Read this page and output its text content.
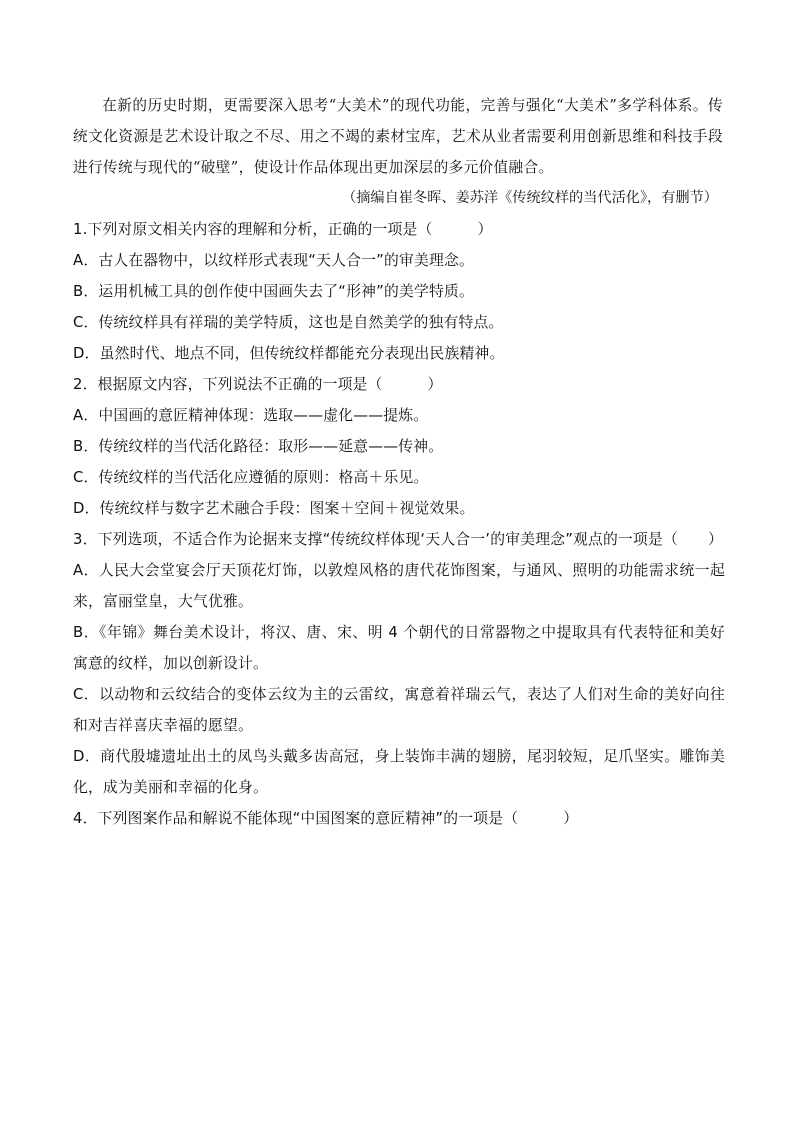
在新的历史时期，更需要深入思考“大美术”的现代功能，完善与强化“大美术”多学科体系。传统文化资源是艺术设计取之不尽、用之不竭的素材宝库，艺术从业者需要利用创新思维和科技手段进行传统与现代的“破壁”，使设计作品体现出更加深层的多元价值融合。

（摘编自崔冬晖、姜苏洋《传统纹样的当代活化》，有删节）

1.下列对原文相关内容的理解和分析，正确的一项是（　　　）

A．古人在器物中，以纹样形式表现“天人合一”的审美理念。

B．运用机械工具的创作使中国画失去了“形神”的美学特质。

C．传统纹样具有祥瑞的美学特质，这也是自然美学的独有特点。

D．虽然时代、地点不同，但传统纹样都能充分表现出民族精神。

2．根据原文内容，下列说法不正确的一项是（　　　）

A．中国画的意匠精神体现：选取——虚化——提炼。

B．传统纹样的当代活化路径：取形——延意——传神。

C．传统纹样的当代活化应遵循的原则：格高＋乐见。

D．传统纹样与数字艺术融合手段：图案＋空间＋视觉效果。

3．下列选项，不适合作为论据来支撑“传统纹样体现‘天人合一’的审美理念”观点的一项是（　　）

A．人民大会堂宴会厅天顶花灯饰，以敦煌风格的唐代花饰图案，与通风、照明的功能需求统一起来，富丽堂皇，大气优雅。

B．《年锦》舞台美术设计，将汉、唐、宋、明 4 个朝代的日常器物之中提取具有代表特征和美好寓意的纹样，加以创新设计。

C．以动物和云纹结合的变体云纹为主的云雷纹，寓意着祥瑞云气，表达了人们对生命的美好向往和对吉祥喜庆幸福的愿望。

D．商代殷墟遗址出土的凤鸟头戴多齿高冠，身上装饰丰满的翅膀，尾羽较短，足爪坚实。雕饰美化，成为美丽和幸福的化身。

4．下列图案作品和解说不能体现“中国图案的意匠精神”的一项是（　　　）
